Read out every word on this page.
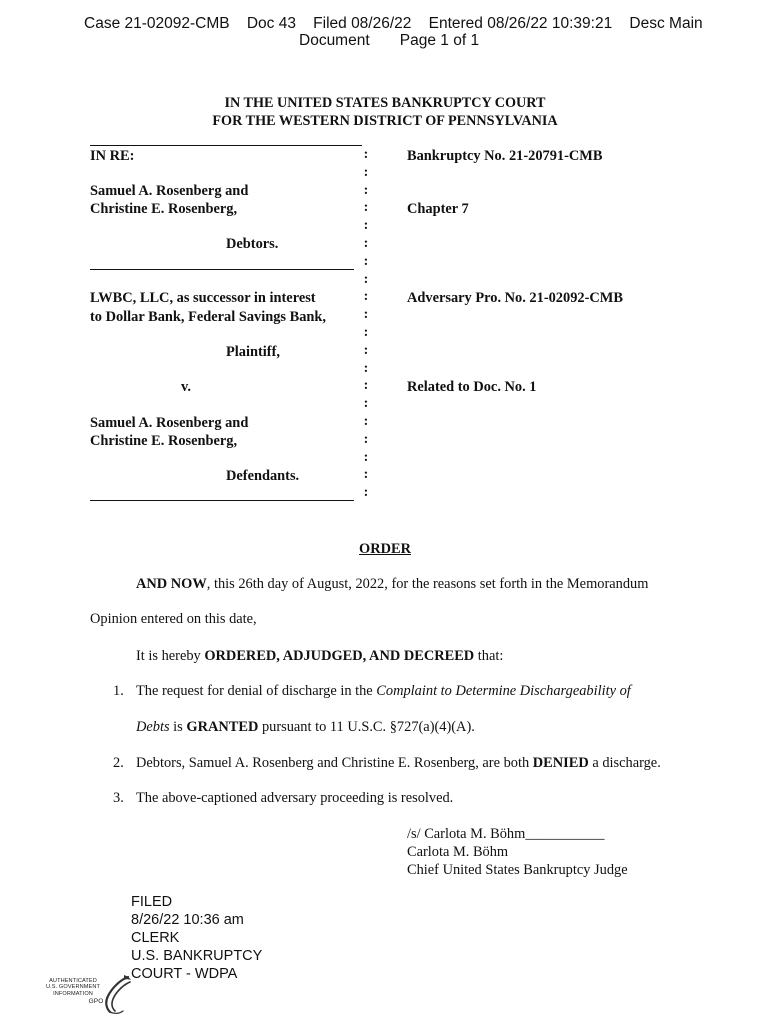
Case 21-02092-CMB    Doc 43    Filed 08/26/22    Entered 08/26/22 10:39:21    Desc Main
Document       Page 1 of 1
IN THE UNITED STATES BANKRUPTCY COURT
FOR THE WESTERN DISTRICT OF PENNSYLVANIA
IN RE:
Samuel A. Rosenberg and
Christine E. Rosenberg,
Debtors.
LWBC, LLC, as successor in interest
to Dollar Bank, Federal Savings Bank,
Plaintiff,
v.
Samuel A. Rosenberg and
Christine E. Rosenberg,
Defendants.
:
:
:
:
:
:
:
:
:
:
:
:
:
:
:
:
:
:
:
:
Bankruptcy No. 21-20791-CMB
Chapter 7
Adversary Pro. No. 21-02092-CMB
Related to Doc. No. 1
ORDER
AND NOW, this 26th day of August, 2022, for the reasons set forth in the Memorandum
Opinion entered on this date,
It is hereby ORDERED, ADJUDGED, AND DECREED that:
1. The request for denial of discharge in the Complaint to Determine Dischargeability of
Debts is GRANTED pursuant to 11 U.S.C. §727(a)(4)(A).
2. Debtors, Samuel A. Rosenberg and Christine E. Rosenberg, are both DENIED a discharge.
3. The above-captioned adversary proceeding is resolved.
/s/ Carlota M. Böhm___________
Carlota M. Böhm
Chief United States Bankruptcy Judge
FILED
8/26/22 10:36 am
CLERK
U.S. BANKRUPTCY
COURT - WDPA
AUTHENTICATED
U.S. GOVERNMENT
INFORMATION
GPO
